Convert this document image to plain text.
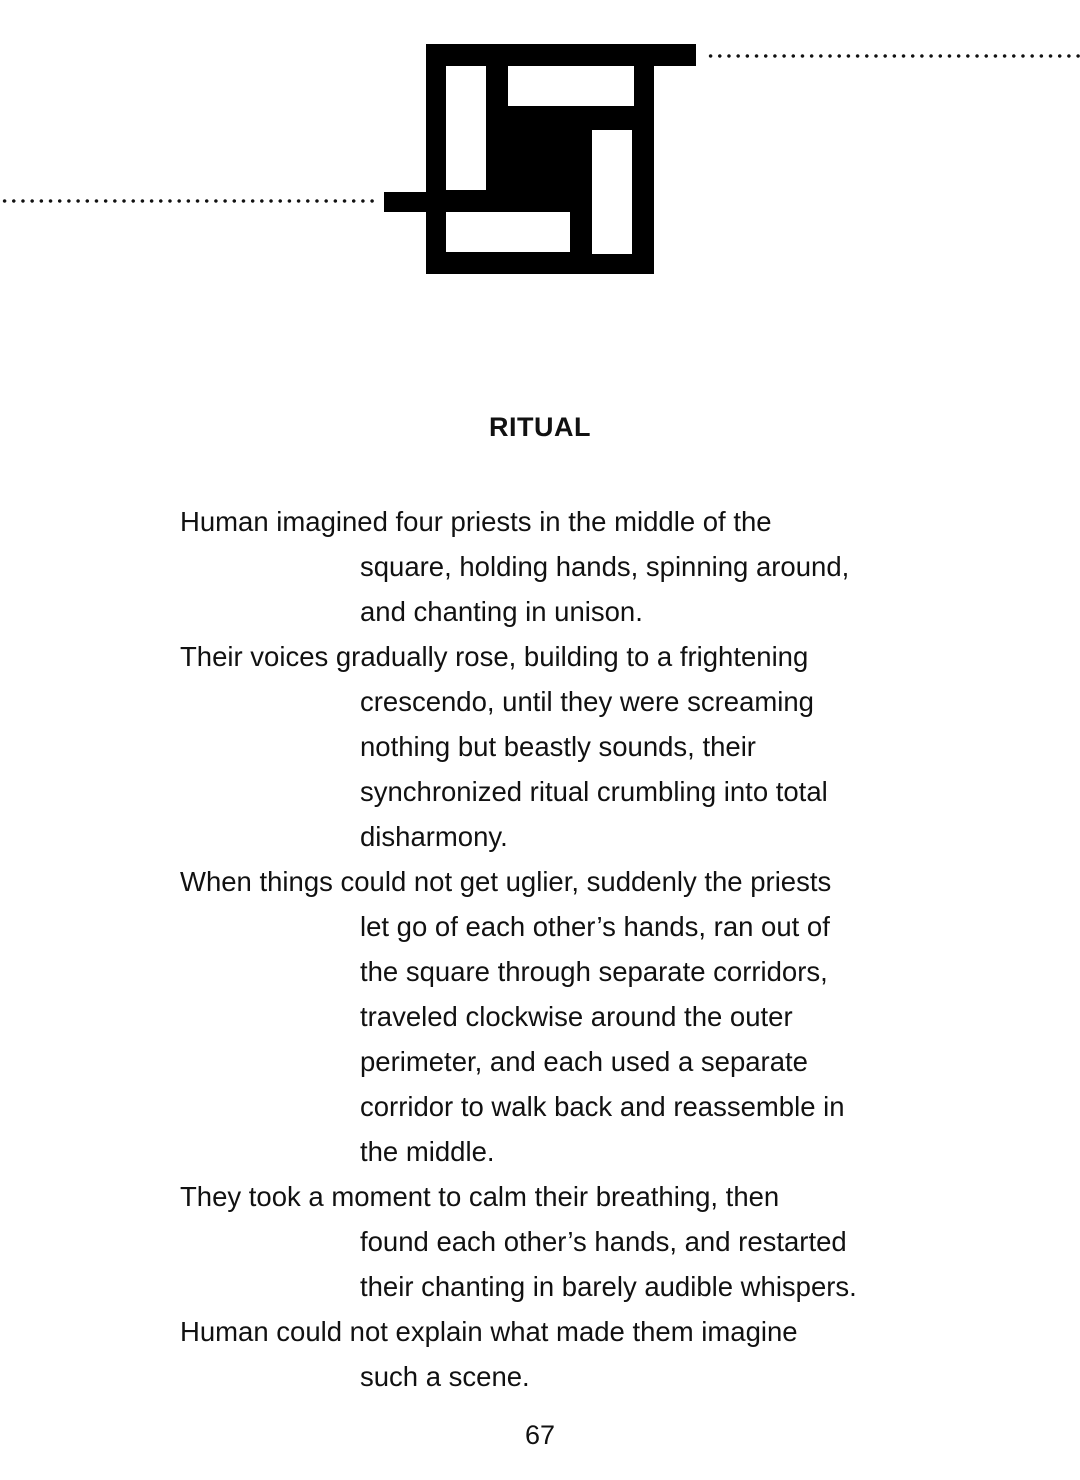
RITUAL
Human imagined four priests in the middle of the
square, holding hands, spinning around,
and chanting in unison.
Their voices gradually rose, building to a frightening
crescendo, until they were screaming
nothing but beastly sounds, their
synchronized ritual crumbling into total
disharmony.
When things could not get uglier, suddenly the priests
let go of each other’s hands, ran out of
the square through separate corridors,
traveled clockwise around the outer
perimeter, and each used a separate
corridor to walk back and reassemble in
the middle.
They took a moment to calm their breathing, then
found each other’s hands, and restarted
their chanting in barely audible whispers.
Human could not explain what made them imagine
such a scene.
67
